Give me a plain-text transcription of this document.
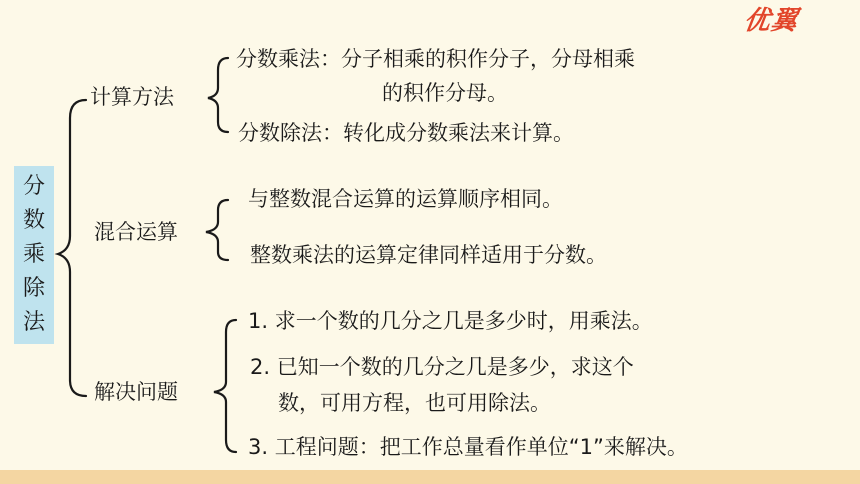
优翼
分
数
乘
除
法
计算方法
分数乘法：分子相乘的积作分子，分母相乘
的积作分母。
分数除法：转化成分数乘法来计算。
混合运算
与整数混合运算的运算顺序相同。
整数乘法的运算定律同样适用于分数。
解决问题
1. 求一个数的几分之几是多少时，用乘法。
2. 已知一个数的几分之几是多少，求这个
数，可用方程，也可用除法。
3. 工程问题：把工作总量看作单位“1”来解决。
